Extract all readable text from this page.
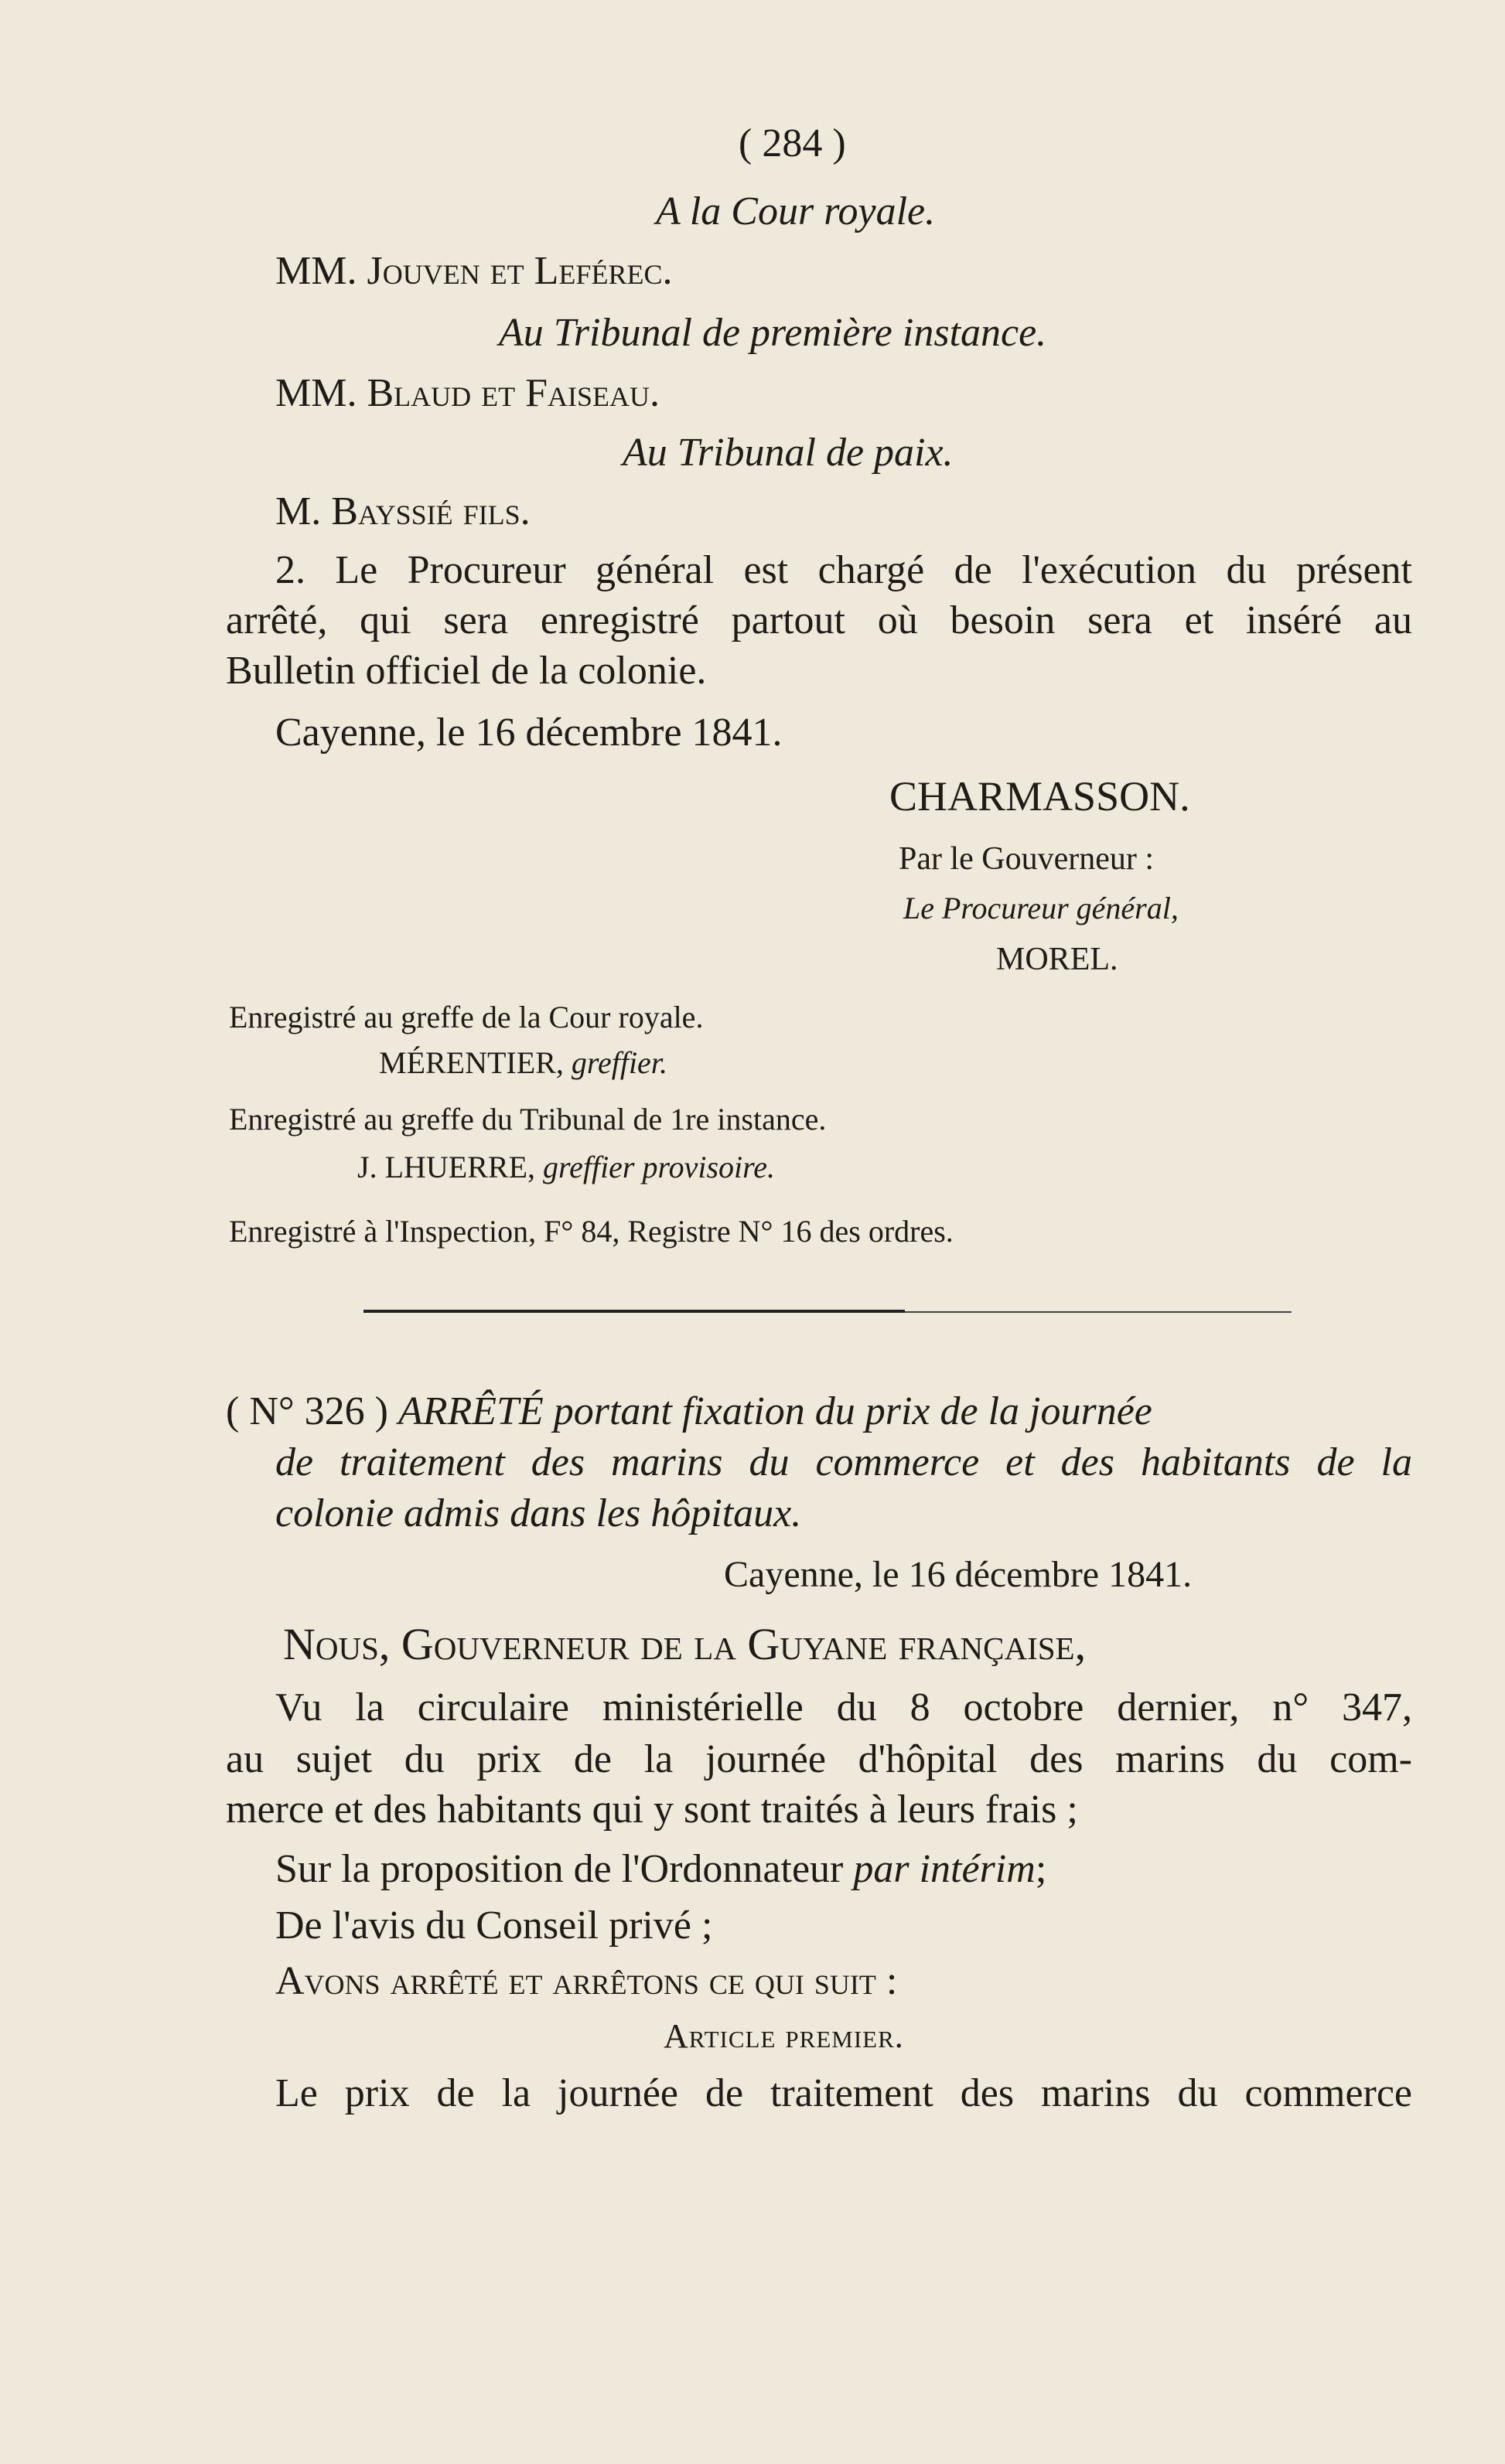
( 284 )
A la Cour royale.
MM. Jouven et Leférec.
Au Tribunal de première instance.
MM. Blaud et Faiseau.
Au Tribunal de paix.
M. Bayssié fils.
2. Le Procureur général est chargé de l'exécution du présent
arrêté, qui sera enregistré partout où besoin sera et inséré au
Bulletin officiel de la colonie.
Cayenne, le 16 décembre 1841.
CHARMASSON.
Par le Gouverneur :
Le Procureur général,
MOREL.
Enregistré au greffe de la Cour royale.
MÉRENTIER, greffier.
Enregistré au greffe du Tribunal de 1re instance.
J. LHUERRE, greffier provisoire.
Enregistré à l'Inspection, F° 84, Registre N° 16 des ordres.
( N° 326 ) ARRÊTÉ portant fixation du prix de la journée
de traitement des marins du commerce et des habitants de la
colonie admis dans les hôpitaux.
Cayenne, le 16 décembre 1841.
Nous, Gouverneur de la Guyane française,
Vu la circulaire ministérielle du 8 octobre dernier, n° 347,
au sujet du prix de la journée d'hôpital des marins du com-
merce et des habitants qui y sont traités à leurs frais ;
Sur la proposition de l'Ordonnateur par intérim;
De l'avis du Conseil privé ;
Avons arrêté et arrêtons ce qui suit :
Article premier.
Le prix de la journée de traitement des marins du commerce
